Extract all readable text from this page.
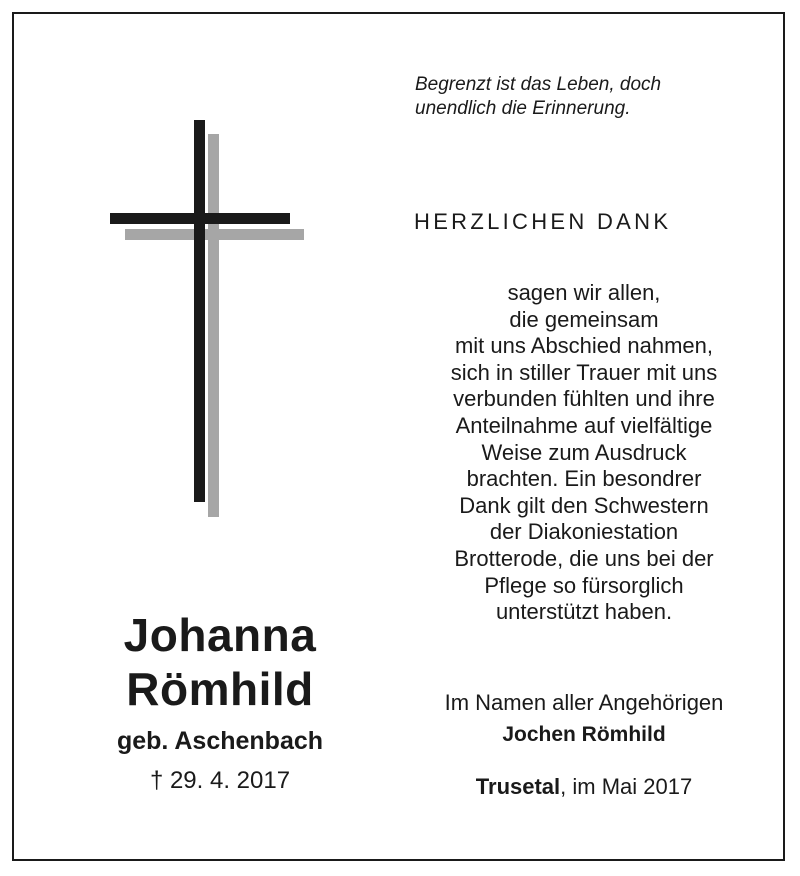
Begrenzt ist das Leben, doch
unendlich die Erinnerung.
HERZLICHEN DANK
sagen wir allen,
die gemeinsam
mit uns Abschied nahmen,
sich in stiller Trauer mit uns
verbunden fühlten und ihre
Anteilnahme auf vielfältige
Weise zum Ausdruck
brachten. Ein besondrer
Dank gilt den Schwestern
der Diakoniestation
Brotterode, die uns bei der
Pflege so fürsorglich
unterstützt haben.
Johanna
Römhild
geb. Aschenbach
† 29. 4. 2017
Im Namen aller Angehörigen
Jochen Römhild
Trusetal, im Mai 2017
